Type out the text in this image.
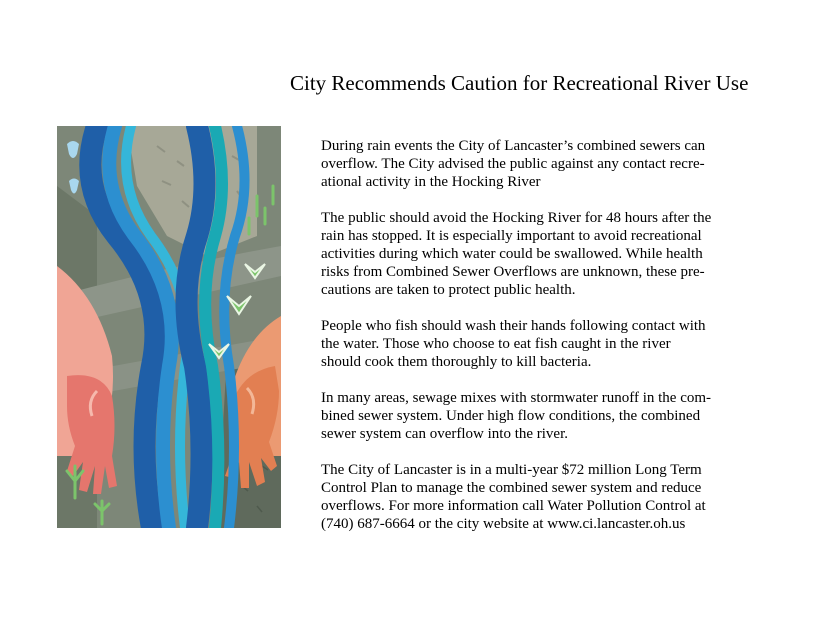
City Recommends Caution for Recreational River Use
During rain events the City of Lancaster’s combined sewers can
overflow. The City advised the public against any contact recre-
ational activity in the Hocking River
The public should avoid the Hocking River for 48 hours after the
rain has stopped. It is especially important to avoid recreational
activities during which water could be swallowed. While health
risks from Combined Sewer Overflows are unknown, these pre-
cautions are taken to protect public health.
People who fish should wash their hands following contact with
the water. Those who choose to eat fish caught in the river
should cook them thoroughly to kill bacteria.
In many areas, sewage mixes with stormwater runoff in the com-
bined sewer system. Under high flow conditions, the combined
sewer system can overflow into the river.
The City of Lancaster is in a multi-year $72 million Long Term
Control Plan to manage the combined sewer system and reduce
overflows. For more information call Water Pollution Control at
(740) 687-6664 or the city website at www.ci.lancaster.oh.us
